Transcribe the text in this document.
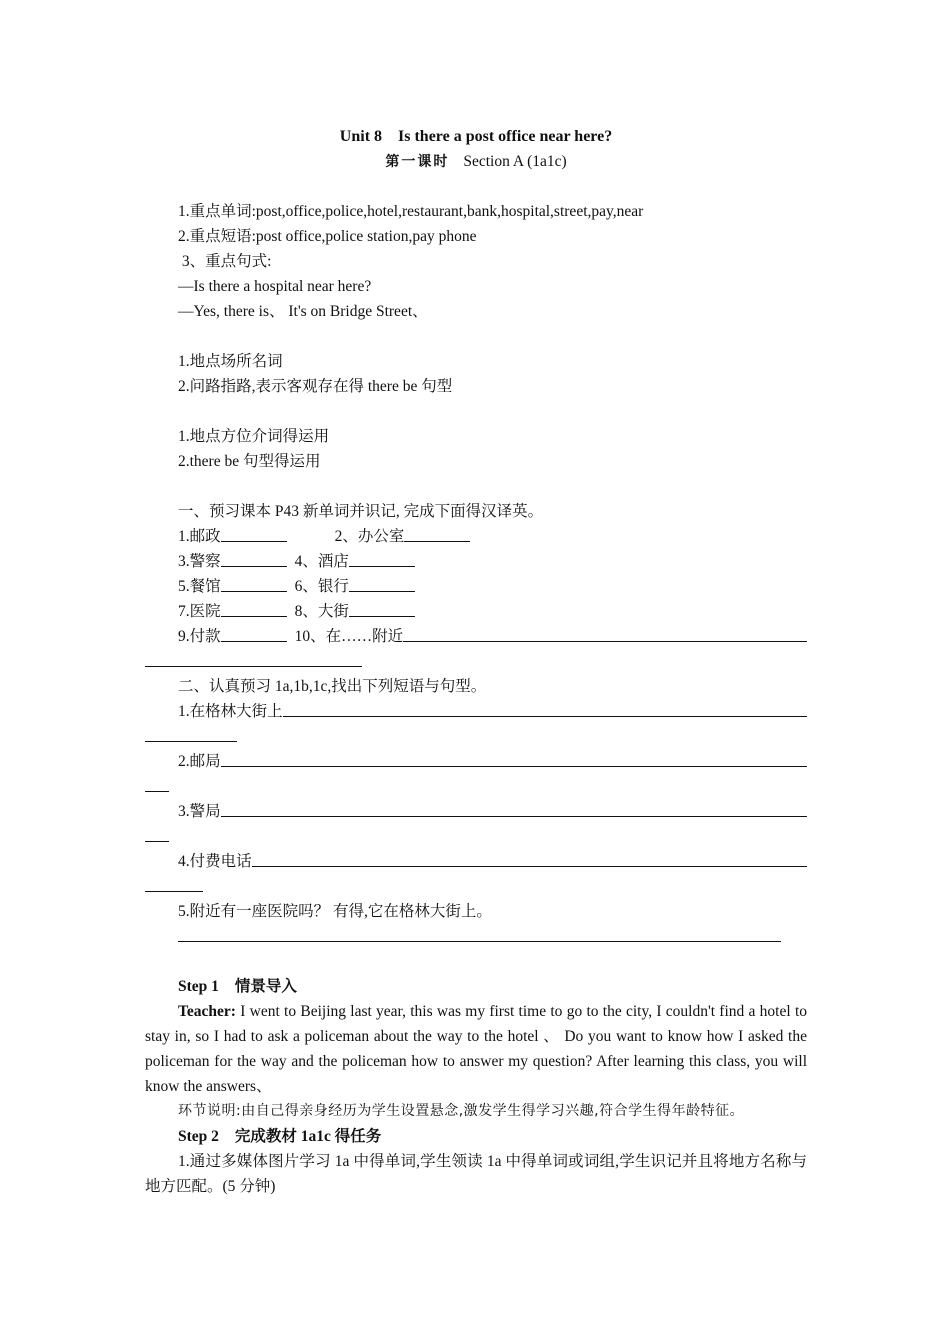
Unit 8    Is there a post office near here?
第一课时 Section A (1a1c)
1.重点单词:post,office,police,hotel,restaurant,bank,hospital,street,pay,near
2.重点短语:post office,police station,pay phone
3、重点句式:
—Is there a hospital near here?
—Yes, there is、 It's on Bridge Street、
1.地点场所名词
2.问路指路,表示客观存在得 there be 句型
1.地点方位介词得运用
2.there be 句型得运用
一、预习课本 P43 新单词并识记, 完成下面得汉译英。
1.邮政	2、办公室
3.警察	4、酒店
5.餐馆	6、银行
7.医院	8、大街
9.付款	10、在……附近
二、认真预习 1a,1b,1c,找出下列短语与句型。
1.在格林大街上
2.邮局
3.警局
4.付费电话
5.附近有一座医院吗？ 有得,它在格林大街上。
Step 1 情景导入

Teacher: I went to Beijing last year, this was my first time to go to the city, I couldn't find a hotel to stay in, so I had to ask a policeman about the way to the hotel 、 Do you want to know how I asked the policeman for the way and the policeman how to answer my question? After learning this class, you will know the answers、

环节说明:由自己得亲身经历为学生设置悬念,激发学生得学习兴趣,符合学生得年龄特征。

Step 2 完成教材 1a1c 得任务

1.通过多媒体图片学习 1a 中得单词,学生领读 1a 中得单词或词组,学生识记并且将地方名称与地方匹配。(5 分钟)
